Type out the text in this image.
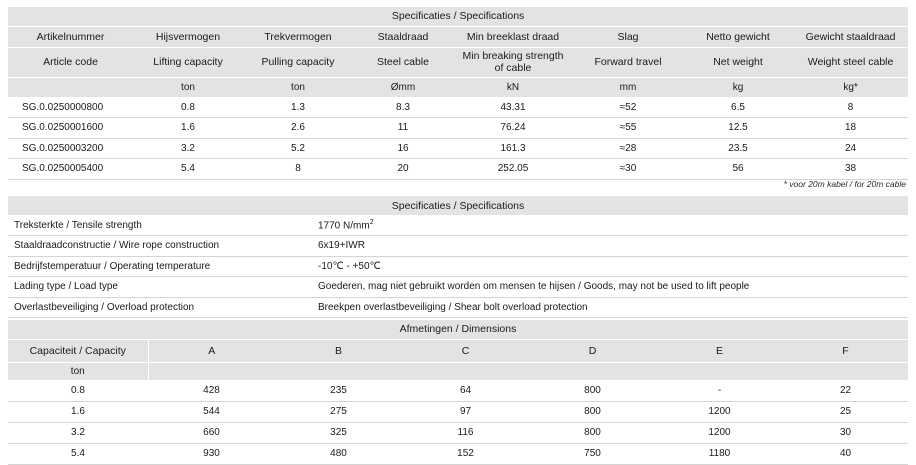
Specificaties / Specifications							
Artikelnummer	Hijsvermogen	Trekvermogen	Staaldraad	Min breeklast draad	Slag	Netto gewicht	Gewicht staaldraad
Article code	Lifting capacity	Pulling capacity	Steel cable	Min breaking strength of cable	Forward travel	Net weight	Weight steel cable
	ton	ton	Ømm	kN	mm	kg	kg*
SG.0.0250000800	0.8	1.3	8.3	43.31	≈52	6.5	8
SG.0.0250001600	1.6	2.6	11	76.24	≈55	12.5	18
SG.0.0250003200	3.2	5.2	16	161.3	≈28	23.5	24
SG.0.0250005400	5.4	8	20	252.05	≈30	56	38
* voor 20m kabel / for 20m cable
Specificaties / Specifications	
Treksterkte / Tensile strength	1770 $N/mm^2$
Staaldraadconstructie / Wire rope construction	6x19+IWR
Bedrijfstemperatuur / Operating temperature	-10℃ - +50℃
Lading type / Load type	Goederen, mag niet gebruikt worden om mensen te hijsen / Goods, may not be used to lift people
Overlastbeveiliging / Overload protection	Breekpen overlastbeveiliging / Shear bolt overload protection
Afmetingen / Dimensions						
Capaciteit / Capacity	A	B	C	D	E	F
ton						
0.8	428	235	64	800	-	22
1.6	544	275	97	800	1200	25
3.2	660	325	116	800	1200	30
5.4	930	480	152	750	1180	40
